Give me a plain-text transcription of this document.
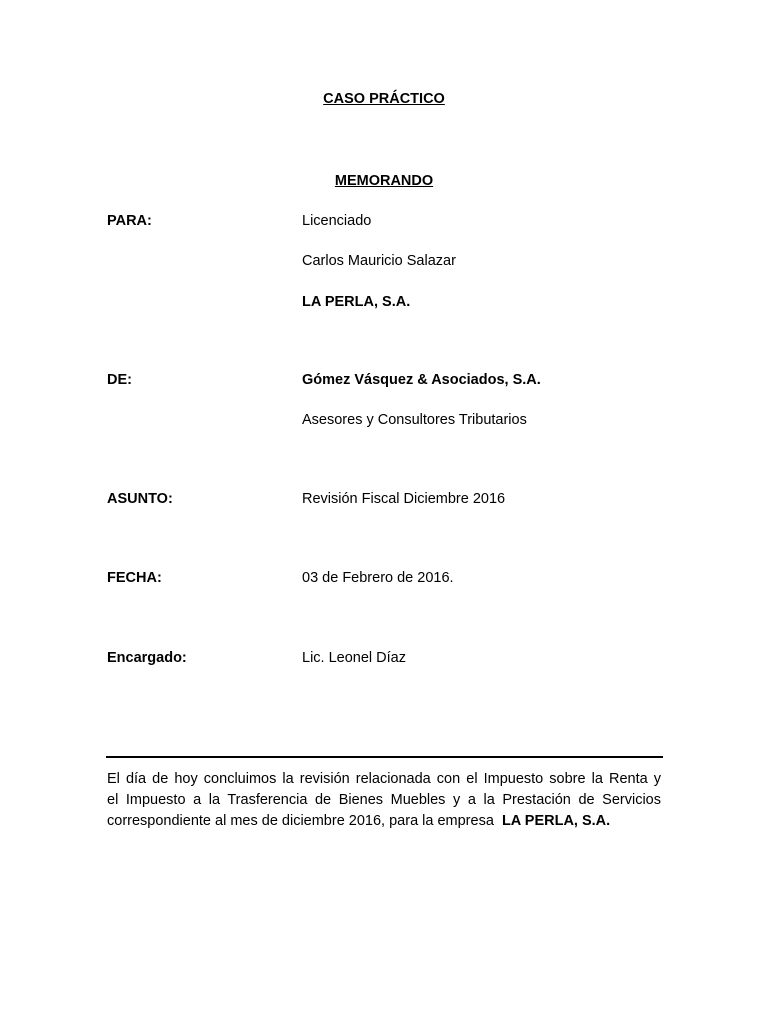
CASO PRÁCTICO
MEMORANDO
PARA:	Licenciado
Carlos Mauricio Salazar
LA PERLA, S.A.
DE:	Gómez Vásquez & Asociados, S.A.
Asesores y Consultores Tributarios
ASUNTO:	Revisión Fiscal Diciembre 2016
FECHA:	03 de Febrero de 2016.
Encargado:	Lic. Leonel Díaz
El día de hoy concluimos la revisión relacionada con el Impuesto sobre la Renta y
el Impuesto a la Trasferencia de Bienes Muebles y a la Prestación de Servicios
correspondiente al mes de diciembre 2016, para la empresa LA PERLA, S.A.
